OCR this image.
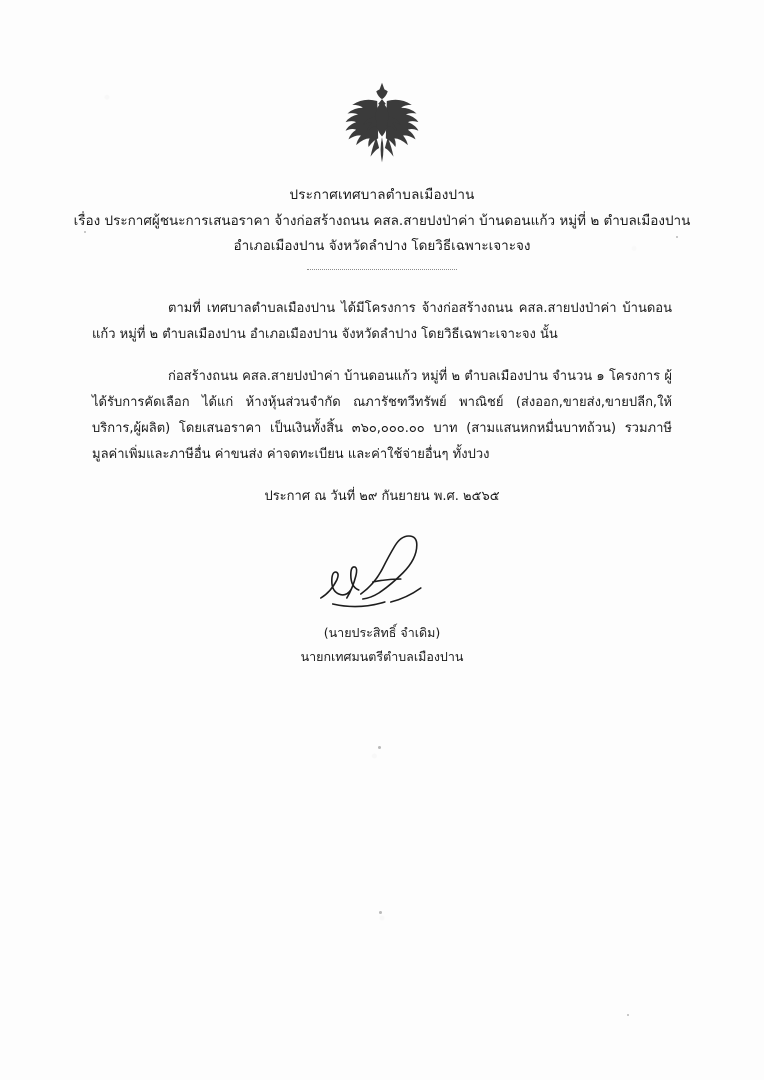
ประกาศเทศบาลตำบลเมืองปาน
เรื่อง ประกาศผู้ชนะการเสนอราคา จ้างก่อสร้างถนน คสล.สายปงป่าค่า บ้านดอนแก้ว หมู่ที่ ๒ ตำบลเมืองปาน
อำเภอเมืองปาน จังหวัดลำปาง โดยวิธีเฉพาะเจาะจง
ตามที่ เทศบาลตำบลเมืองปาน ได้มีโครงการ จ้างก่อสร้างถนน คสล.สายปงป่าค่า บ้านดอนแก้ว หมู่ที่ ๒ ตำบลเมืองปาน อำเภอเมืองปาน จังหวัดลำปาง โดยวิธีเฉพาะเจาะจง นั้น
ก่อสร้างถนน คสล.สายปงป่าค่า บ้านดอนแก้ว หมู่ที่ ๒ ตำบลเมืองปาน จำนวน ๑ โครงการ ผู้ได้รับการคัดเลือก ได้แก่ ห้างหุ้นส่วนจำกัด ณภารัชฑวีทรัพย์ พาณิชย์ (ส่งออก,ขายส่ง,ขายปลีก,ให้บริการ,ผู้ผลิต) โดยเสนอราคา เป็นเงินทั้งสิ้น ๓๖๐,๐๐๐.๐๐ บาท (สามแสนหกหมื่นบาทถ้วน) รวมภาษีมูลค่าเพิ่มและภาษีอื่น ค่าขนส่ง ค่าจดทะเบียน และค่าใช้จ่ายอื่นๆ ทั้งปวง
ประกาศ ณ วันที่ ๒๙ กันยายน พ.ศ. ๒๕๖๕
(นายประสิทธิ์ จำเดิม)
นายกเทศมนตรีตำบลเมืองปาน
